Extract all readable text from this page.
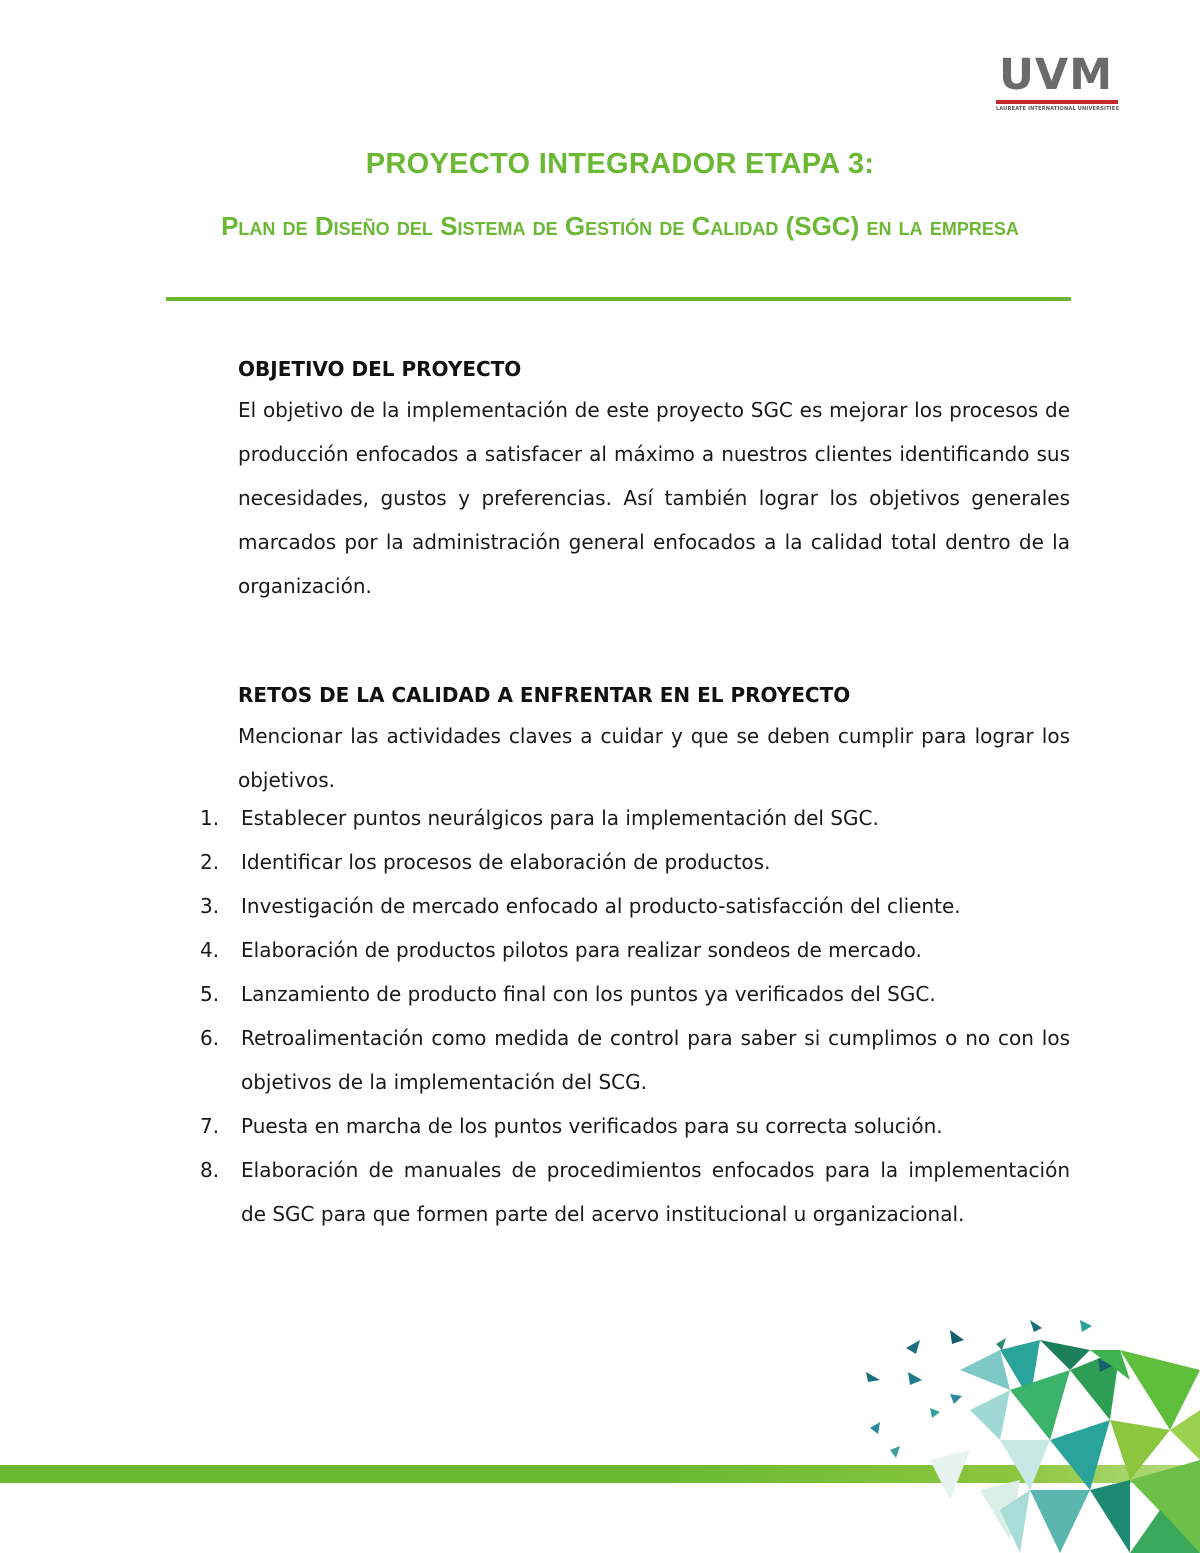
UVM
LAUREATE INTERNATIONAL UNIVERSITIES
PROYECTO INTEGRADOR ETAPA 3:
Plan de Diseño del Sistema de Gestión de Calidad (SGC) en la empresa
OBJETIVO DEL PROYECTO
El objetivo de la implementación de este proyecto SGC es mejorar los procesos de producción enfocados a satisfacer al máximo a nuestros clientes identificando sus necesidades, gustos y preferencias. Así también lograr los objetivos generales marcados por la administración general enfocados a la calidad total dentro de la organización.
RETOS DE LA CALIDAD A ENFRENTAR EN EL PROYECTO
Mencionar las actividades claves a cuidar y que se deben cumplir para lograr los objetivos.
1.	Establecer puntos neurálgicos para la implementación del SGC.
2.	Identificar los procesos de elaboración de productos.
3.	Investigación de mercado enfocado al producto-satisfacción del cliente.
4.	Elaboración de productos pilotos para realizar sondeos de mercado.
5.	Lanzamiento de producto final con los puntos ya verificados del SGC.
6.	Retroalimentación como medida de control para saber si cumplimos o no con los objetivos de la implementación del SCG.
7.	Puesta en marcha de los puntos verificados para su correcta solución.
8.	Elaboración de manuales de procedimientos enfocados para la implementación de SGC para que formen parte del acervo institucional u organizacional.
